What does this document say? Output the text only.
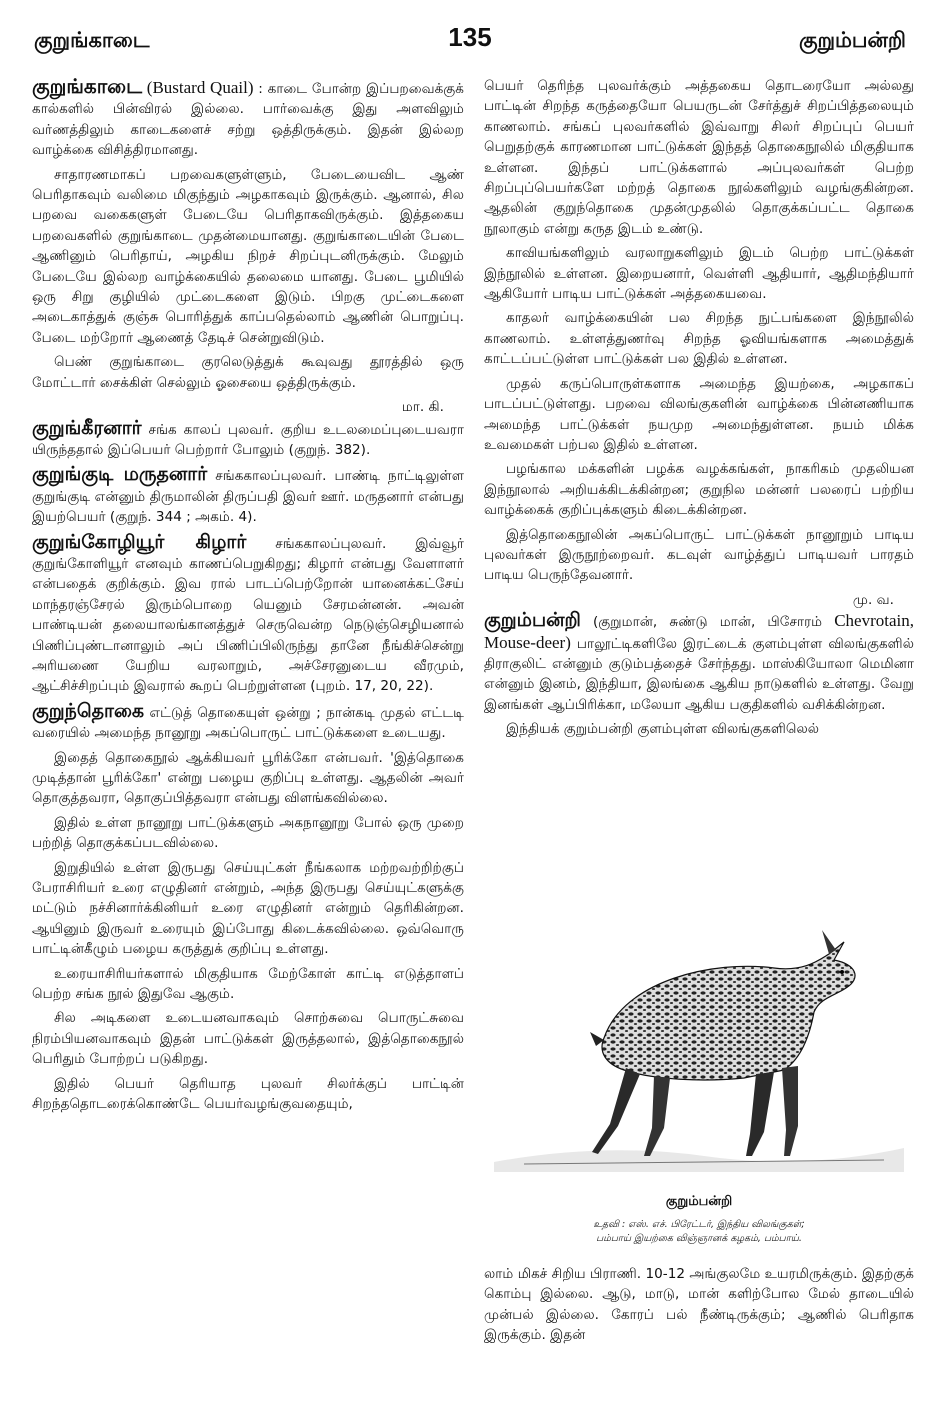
குறுங்காடை	135	குறும்பன்றி

குறுங்காடை (Bustard Quail) : காடை போன்ற இப்பறவைக்குக் கால்களில் பின்விரல் இல்லை. பார்வைக்கு இது அளவிலும் வர்ணத்திலும் காடைகளைச் சற்று ஒத்திருக்கும். இதன் இல்லற வாழ்க்கை விசித்திரமானது.

சாதாரணமாகப் பறவைகளுள்ளும், பேடையைவிட ஆண் பெரிதாகவும் வலிமை மிகுந்தும் அழகாகவும் இருக்கும். ஆனால், சில பறவை வகைகளுள் பேடையே பெரிதாகவிருக்கும். இத்தகைய பறவைகளில் குறுங்காடை முதன்மையானது. குறுங்காடையின் பேடை ஆணினும் பெரிதாய், அழகிய நிறச் சிறப்புடனிருக்கும். மேலும் பேடையே இல்லற வாழ்க்கையில் தலைமை யானது. பேடை பூமியில் ஒரு சிறு குழியில் முட்டைகளை இடும். பிறகு முட்டைகளை அடைகாத்துக் குஞ்சு பொரித்துக் காப்பதெல்லாம் ஆணின் பொறுப்பு. பேடை மற்றோர் ஆணைத் தேடிச் சென்றுவிடும்.

பெண் குறுங்காடை குரலெடுத்துக் கூவுவது தூரத்தில் ஒரு மோட்டார் சைக்கிள் செல்லும் ஓசையை ஒத்திருக்கும்.

மா. கி.

குறுங்கீரனார் சங்க காலப் புலவர். குறிய உடலமைப்புடையவரா யிருந்ததால் இப்பெயர் பெற்றார் போலும் (குறுந். 382).

குறுங்குடி மருதனார் சங்ககாலப்புலவர். பாண்டி நாட்டிலுள்ள குறுங்குடி என்னும் திருமாலின் திருப்பதி இவர் ஊர். மருதனார் என்பது இயற்பெயர் (குறுந். 344 ; அகம். 4).

குறுங்கோழியூர் கிழார் சங்ககாலப்புலவர். இவ்வூர் குறுங்கோளியூர் எனவும் காணப்பெறுகிறது; கிழார் என்பது வேளாளர் என்பதைக் குறிக்கும். இவ ரால் பாடப்பெற்றோன் யானைக்கட்சேய் மாந்தரஞ்சேரல் இரும்பொறை யெனும் சேரமன்னன். அவன் பாண்டியன் தலையாலங்கானத்துச் செருவென்ற நெடுஞ்செழியனால் பிணிப்புண்டானாலும் அப் பிணிப்பிலிருந்து தானே நீங்கிச்சென்று அரியணை யேறிய வரலாறும், அச்சேரனுடைய வீரமும், ஆட்சிச்சிறப்பும் இவரால் கூறப் பெற்றுள்ளன (புறம். 17, 20, 22).

குறுந்தொகை எட்டுத் தொகையுள் ஒன்று ; நான்கடி முதல் எட்டடி வரையில் அமைந்த நானூறு அகப்பொருட் பாட்டுக்களை உடையது.

இதைத் தொகைநூல் ஆக்கியவர் பூரிக்கோ என்பவர். 'இத்தொகை முடித்தான் பூரிக்கோ' என்று பழைய குறிப்பு உள்ளது. ஆதலின் அவர் தொகுத்தவரா, தொகுப்பித்தவரா என்பது விளங்கவில்லை.

இதில் உள்ள நானூறு பாட்டுக்களும் அகநானூறு போல் ஒரு முறை பற்றித் தொகுக்கப்படவில்லை.

இறுதியில் உள்ள இருபது செய்யுட்கள் நீங்கலாக மற்றவற்றிற்குப் பேராசிரியர் உரை எழுதினர் என்றும், அந்த இருபது செய்யுட்களுக்கு மட்டும் நச்சினார்க்கினியர் உரை எழுதினர் என்றும் தெரிகின்றன. ஆயினும் இருவர் உரையும் இப்போது கிடைக்கவில்லை. ஒவ்வொரு பாட்டின்கீழும் பழைய கருத்துக் குறிப்பு உள்ளது.

உரையாசிரியர்களால் மிகுதியாக மேற்கோள் காட்டி எடுத்தாளப் பெற்ற சங்க நூல் இதுவே ஆகும்.

சில அடிகளை உடையனவாகவும் சொற்சுவை பொருட்சுவை நிரம்பியனவாகவும் இதன் பாட்டுக்கள் இருத்தலால், இத்தொகைநூல் பெரிதும் போற்றப் படுகிறது.

இதில் பெயர் தெரியாத புலவர் சிலர்க்குப் பாட்டின் சிறந்ததொடரைக்கொண்டே பெயர்வழங்குவதையும்,

பெயர் தெரிந்த புலவர்க்கும் அத்தகைய தொடரையோ அல்லது பாட்டின் சிறந்த கருத்தையோ பெயருடன் சேர்த்துச் சிறப்பித்தலையும் காணலாம். சங்கப் புலவர்களில் இவ்வாறு சிலர் சிறப்புப் பெயர் பெறுதற்குக் காரணமான பாட்டுக்கள் இந்தத் தொகைநூலில் மிகுதியாக உள்ளன. இந்தப் பாட்டுக்களால் அப்புலவர்கள் பெற்ற சிறப்புப்பெயர்களே மற்றத் தொகை நூல்களிலும் வழங்குகின்றன. ஆதலின் குறுந்தொகை முதன்முதலில் தொகுக்கப்பட்ட தொகை நூலாகும் என்று கருத இடம் உண்டு.

காவியங்களிலும் வரலாறுகளிலும் இடம் பெற்ற பாட்டுக்கள் இந்நூலில் உள்ளன. இறையனார், வெள்ளி ஆதியார், ஆதிமந்தியார் ஆகியோர் பாடிய பாட்டுக்கள் அத்தகையவை.

காதலர் வாழ்க்கையின் பல சிறந்த நுட்பங்களை இந்நூலில் காணலாம். உள்ளத்துணர்வு சிறந்த ஓவியங்களாக அமைத்துக் காட்டப்பட்டுள்ள பாட்டுக்கள் பல இதில் உள்ளன.

முதல் கருப்பொருள்களாக அமைந்த இயற்கை, அழகாகப் பாடப்பட்டுள்ளது. பறவை விலங்குகளின் வாழ்க்கை பின்னணியாக அமைந்த பாட்டுக்கள் நயமுற அமைந்துள்ளன. நயம் மிக்க உவமைகள் பற்பல இதில் உள்ளன.

பழங்கால மக்களின் பழக்க வழக்கங்கள், நாகரிகம் முதலியன இந்நூலால் அறியக்கிடக்கின்றன; குறுநில மன்னர் பலரைப் பற்றிய வாழ்க்கைக் குறிப்புக்களும் கிடைக்கின்றன.

இத்தொகைநூலின் அகப்பொருட் பாட்டுக்கள் நானூறும் பாடிய புலவர்கள் இருநூற்றைவர். கடவுள் வாழ்த்துப் பாடியவர் பாரதம் பாடிய பெருந்தேவனார்.

மு. வ.

குறும்பன்றி (குறுமான், சுண்டு மான், பிசோரம் Chevrotain, Mouse-deer) பாலூட்டிகளிலே இரட்டைக் குளம்புள்ள விலங்குகளில் திராகுலிட் என்னும் குடும்பத்தைச் சேர்ந்தது. மாஸ்கியோலா மெமினா என்னும் இனம், இந்தியா, இலங்கை ஆகிய நாடுகளில் உள்ளது. வேறு இனங்கள் ஆப்பிரிக்கா, மலேயா ஆகிய பகுதிகளில் வசிக்கின்றன.

இந்தியக் குறும்பன்றி குளம்புள்ள விலங்குகளிலெல்

குறும்பன்றி
உதவி : எஸ். எச். பிரேட்டர், இந்திய விலங்குகள்;
பம்பாய் இயற்கை விஞ்ஞானக் கழகம், பம்பாய்.

லாம் மிகச் சிறிய பிராணி. 10-12 அங்குலமே உயரமிருக்கும். இதற்குக் கொம்பு இல்லை. ஆடு, மாடு, மான் களிற்போல மேல் தாடையில் முன்பல் இல்லை. கோரப் பல் நீண்டிருக்கும்; ஆணில் பெரிதாக இருக்கும். இதன்
